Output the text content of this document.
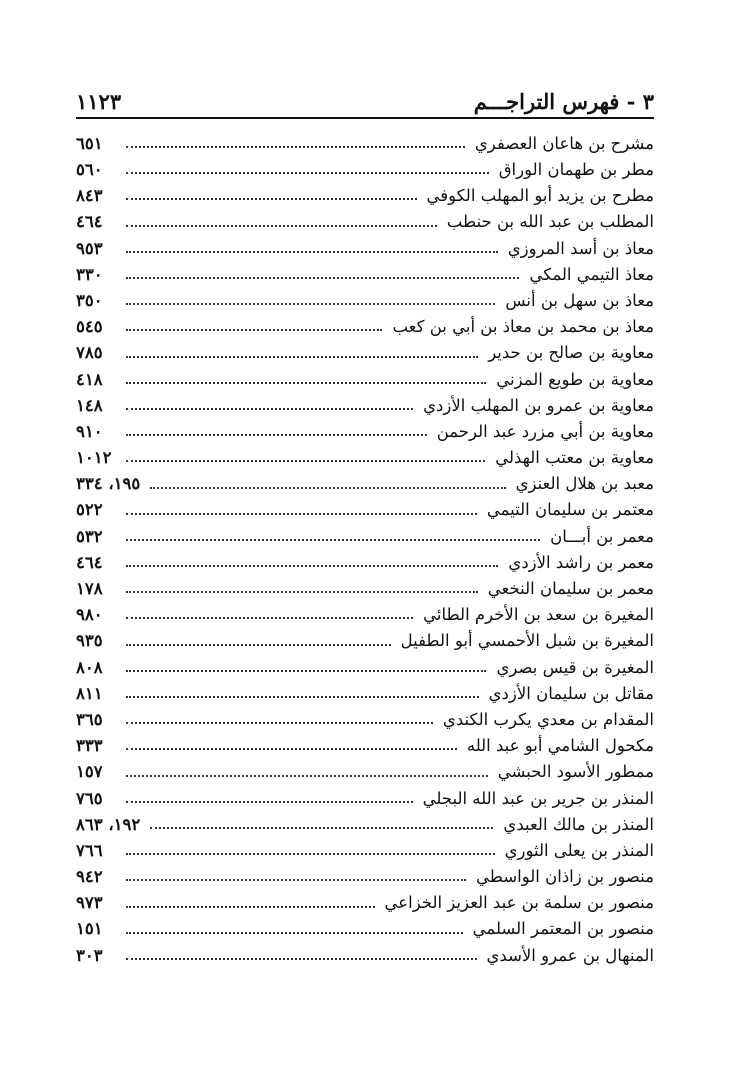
٣ - فهرس التراجـــم
١١٢٣
مشرح بن هاعان العصفري
٦٥١
مطر بن طهمان الوراق
٥٦٠
مطرح بن يزيد أبو المهلب الكوفي
٨٤٣
المطلب بن عبد الله بن حنطب
٤٦٤
معاذ بن أسد المروزي
٩٥٣
معاذ التيمي المكي
٣٣٠
معاذ بن سهل بن أنس
٣٥٠
معاذ بن محمد بن معاذ بن أبي بن كعب
٥٤٥
معاوية بن صالح بن حدير
٧٨٥
معاوية بن طويع المزني
٤١٨
معاوية بن عمرو بن المهلب الأزدي
١٤٨
معاوية بن أبي مزرد عبد الرحمن
٩١٠
معاوية بن معتب الهذلي
١٠١٢
معبد بن هلال العنزي
١٩٥، ٣٣٤
معتمر بن سليمان التيمي
٥٢٢
معمر بن أبـــان
٥٣٢
معمر بن راشد الأزدي
٤٦٤
معمر بن سليمان النخعي
١٧٨
المغيرة بن سعد بن الأخرم الطائي
٩٨٠
المغيرة بن شبل الأحمسي أبو الطفيل
٩٣٥
المغيرة بن قيس بصري
٨٠٨
مقاتل بن سليمان الأزدي
٨١١
المقدام بن معدي يكرب الكندي
٣٦٥
مكحول الشامي أبو عبد الله
٣٣٣
ممطور الأسود الحبشي
١٥٧
المنذر بن جرير بن عبد الله البجلي
٧٦٥
المنذر بن مالك العبدي
١٩٢، ٨٦٣
المنذر بن يعلى الثوري
٧٦٦
منصور بن زاذان الواسطي
٩٤٢
منصور بن سلمة بن عبد العزيز الخزاعي
٩٧٣
منصور بن المعتمر السلمي
١٥١
المنهال بن عمرو الأسدي
٣٠٣
